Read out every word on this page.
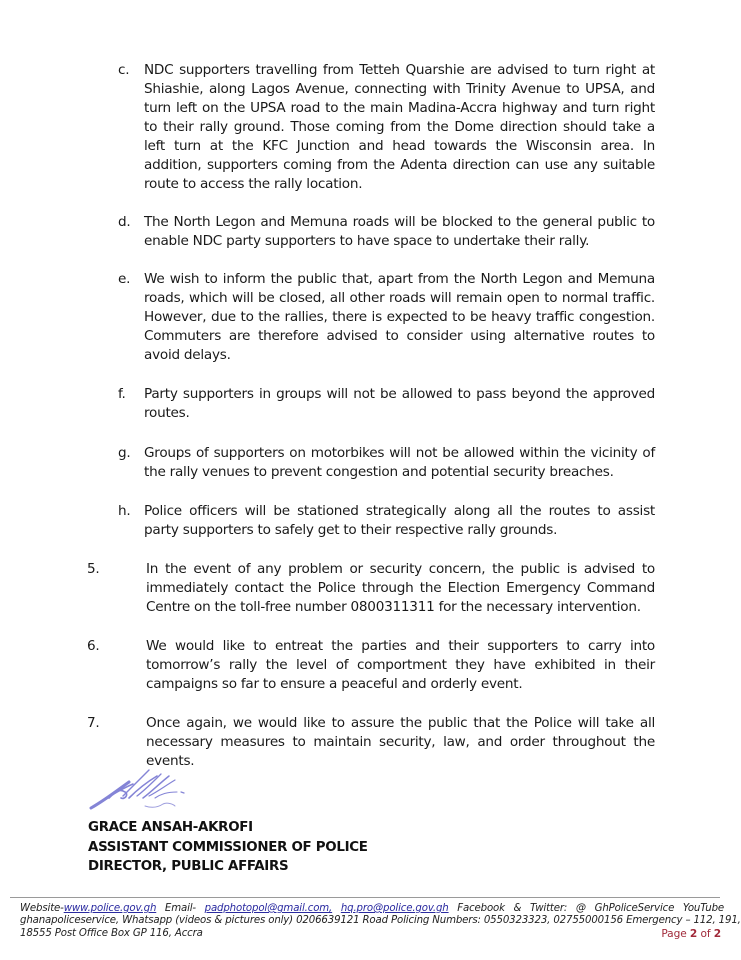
c. NDC supporters travelling from Tetteh Quarshie are advised to turn right at Shiashie, along Lagos Avenue, connecting with Trinity Avenue to UPSA, and turn left on the UPSA road to the main Madina-Accra highway and turn right to their rally ground. Those coming from the Dome direction should take a left turn at the KFC Junction and head towards the Wisconsin area. In addition, supporters coming from the Adenta direction can use any suitable route to access the rally location.
d. The North Legon and Memuna roads will be blocked to the general public to enable NDC party supporters to have space to undertake their rally.
e. We wish to inform the public that, apart from the North Legon and Memuna roads, which will be closed, all other roads will remain open to normal traffic. However, due to the rallies, there is expected to be heavy traffic congestion. Commuters are therefore advised to consider using alternative routes to avoid delays.
f. Party supporters in groups will not be allowed to pass beyond the approved routes.
g. Groups of supporters on motorbikes will not be allowed within the vicinity of the rally venues to prevent congestion and potential security breaches.
h. Police officers will be stationed strategically along all the routes to assist party supporters to safely get to their respective rally grounds.
5.	In the event of any problem or security concern, the public is advised to immediately contact the Police through the Election Emergency Command Centre on the toll-free number 0800311311 for the necessary intervention.
6.	We would like to entreat the parties and their supporters to carry into tomorrow’s rally the level of comportment they have exhibited in their campaigns so far to ensure a peaceful and orderly event.
7.	Once again, we would like to assure the public that the Police will take all necessary measures to maintain security, law, and order throughout the events.
GRACE ANSAH-AKROFI
ASSISTANT COMMISSIONER OF POLICE
DIRECTOR, PUBLIC AFFAIRS
Website-www.police.gov.gh Email- padphotopol@gmail.com, hq.pro@police.gov.gh Facebook & Twitter: @ GhPoliceService YouTube
ghanapoliceservice, Whatsapp (videos & pictures only) 0206639121 Road Policing Numbers: 0550323323, 02755000156 Emergency – 112, 191,
18555 Post Office Box GP 116, Accra	Page 2 of 2
